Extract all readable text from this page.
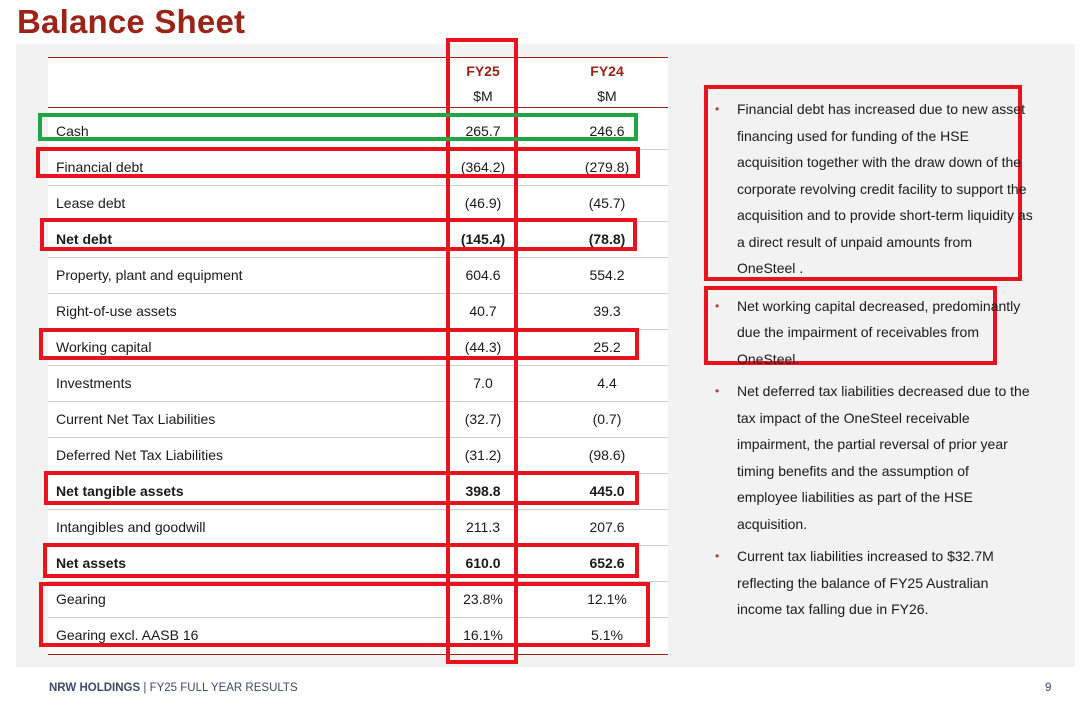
Balance Sheet
FY25	FY24
$M	$M
Cash	265.7	246.6
Financial debt	(364.2)	(279.8)
Lease debt	(46.9)	(45.7)
Net debt	(145.4)	(78.8)
Property, plant and equipment	604.6	554.2
Right-of-use assets	40.7	39.3
Working capital	(44.3)	25.2
Investments	7.0	4.4
Current Net Tax Liabilities	(32.7)	(0.7)
Deferred Net Tax Liabilities	(31.2)	(98.6)
Net tangible assets	398.8	445.0
Intangibles and goodwill	211.3	207.6
Net assets	610.0	652.6
Gearing	23.8%	12.1%
Gearing excl. AASB 16	16.1%	5.1%
• Financial debt has increased due to new asset financing used for funding of the HSE acquisition together with the draw down of the corporate revolving credit facility to support the acquisition and to provide short-term liquidity as a direct result of unpaid amounts from OneSteel .
• Net working capital decreased, predominantly due the impairment of receivables from OneSteel.
• Net deferred tax liabilities decreased due to the tax impact of the OneSteel receivable impairment, the partial reversal of prior year timing benefits and the assumption of employee liabilities as part of the HSE acquisition.
• Current tax liabilities increased to $32.7M reflecting the balance of FY25 Australian income tax falling due in FY26.
NRW HOLDINGS | FY25 FULL YEAR RESULTS	9
